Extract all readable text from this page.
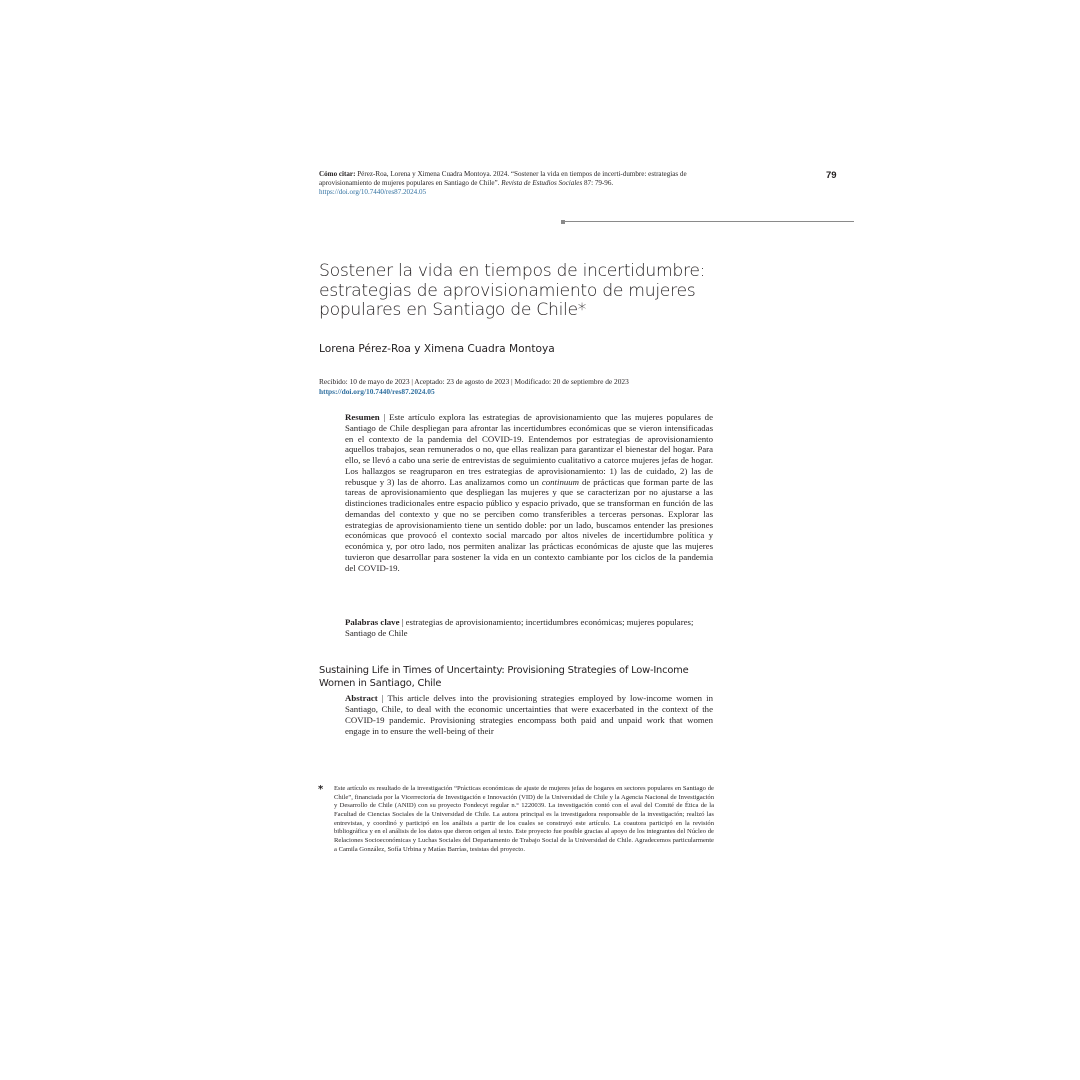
Cómo citar: Pérez-Roa, Lorena y Ximena Cuadra Montoya. 2024. “Sostener la vida en tiempos de incerti-dumbre: estrategias de aprovisionamiento de mujeres populares en Santiago de Chile”. Revista de Estudios Sociales 87: 79-96. https://doi.org/10.7440/res87.2024.05
79
Sostener la vida en tiempos de incertidumbre: estrategias de aprovisionamiento de mujeres populares en Santiago de Chile*
Lorena Pérez-Roa y Ximena Cuadra Montoya
Recibido: 10 de mayo de 2023 | Aceptado: 23 de agosto de 2023 | Modificado: 20 de septiembre de 2023
https://doi.org/10.7440/res87.2024.05
Resumen | Este artículo explora las estrategias de aprovisionamiento que las mujeres populares de Santiago de Chile despliegan para afrontar las incertidumbres económicas que se vieron intensificadas en el contexto de la pandemia del COVID-19. Entendemos por estrategias de aprovisionamiento aquellos trabajos, sean remunerados o no, que ellas realizan para garantizar el bienestar del hogar. Para ello, se llevó a cabo una serie de entrevistas de seguimiento cualitativo a catorce mujeres jefas de hogar. Los hallazgos se reagruparon en tres estrategias de aprovisionamiento: 1) las de cuidado, 2) las de rebusque y 3) las de ahorro. Las analizamos como un continuum de prácticas que forman parte de las tareas de aprovisionamiento que despliegan las mujeres y que se caracterizan por no ajustarse a las distinciones tradicionales entre espacio público y espacio privado, que se transforman en función de las demandas del contexto y que no se perciben como transferibles a terceras personas. Explorar las estrategias de aprovisionamiento tiene un sentido doble: por un lado, buscamos entender las presiones económicas que provocó el contexto social marcado por altos niveles de incertidumbre política y económica y, por otro lado, nos permiten analizar las prácticas económicas de ajuste que las mujeres tuvieron que desarrollar para sostener la vida en un contexto cambiante por los ciclos de la pandemia del COVID-19.
Palabras clave | estrategias de aprovisionamiento; incertidumbres económicas; mujeres populares; Santiago de Chile
Sustaining Life in Times of Uncertainty: Provisioning Strategies of Low-Income Women in Santiago, Chile
Abstract | This article delves into the provisioning strategies employed by low-income women in Santiago, Chile, to deal with the economic uncertainties that were exacerbated in the context of the COVID-19 pandemic. Provisioning strategies encompass both paid and unpaid work that women engage in to ensure the well-being of their
* Este artículo es resultado de la investigación “Prácticas económicas de ajuste de mujeres jefas de hogares en sectores populares en Santiago de Chile”, financiada por la Vicerrectoría de Investigación e Innovación (VID) de la Universidad de Chile y la Agencia Nacional de Investigación y Desarrollo de Chile (ANID) con su proyecto Fondecyt regular n.° 1220039. La investigación contó con el aval del Comité de Ética de la Facultad de Ciencias Sociales de la Universidad de Chile. La autora principal es la investigadora responsable de la investigación; realizó las entrevistas, y coordinó y participó en los análisis a partir de los cuales se construyó este artículo. La coautora participó en la revisión bibliográfica y en el análisis de los datos que dieron origen al texto. Este proyecto fue posible gracias al apoyo de los integrantes del Núcleo de Relaciones Socioeconómicas y Luchas Sociales del Departamento de Trabajo Social de la Universidad de Chile. Agradecemos particularmente a Camila González, Sofía Urbina y Matías Barrías, tesistas del proyecto.
